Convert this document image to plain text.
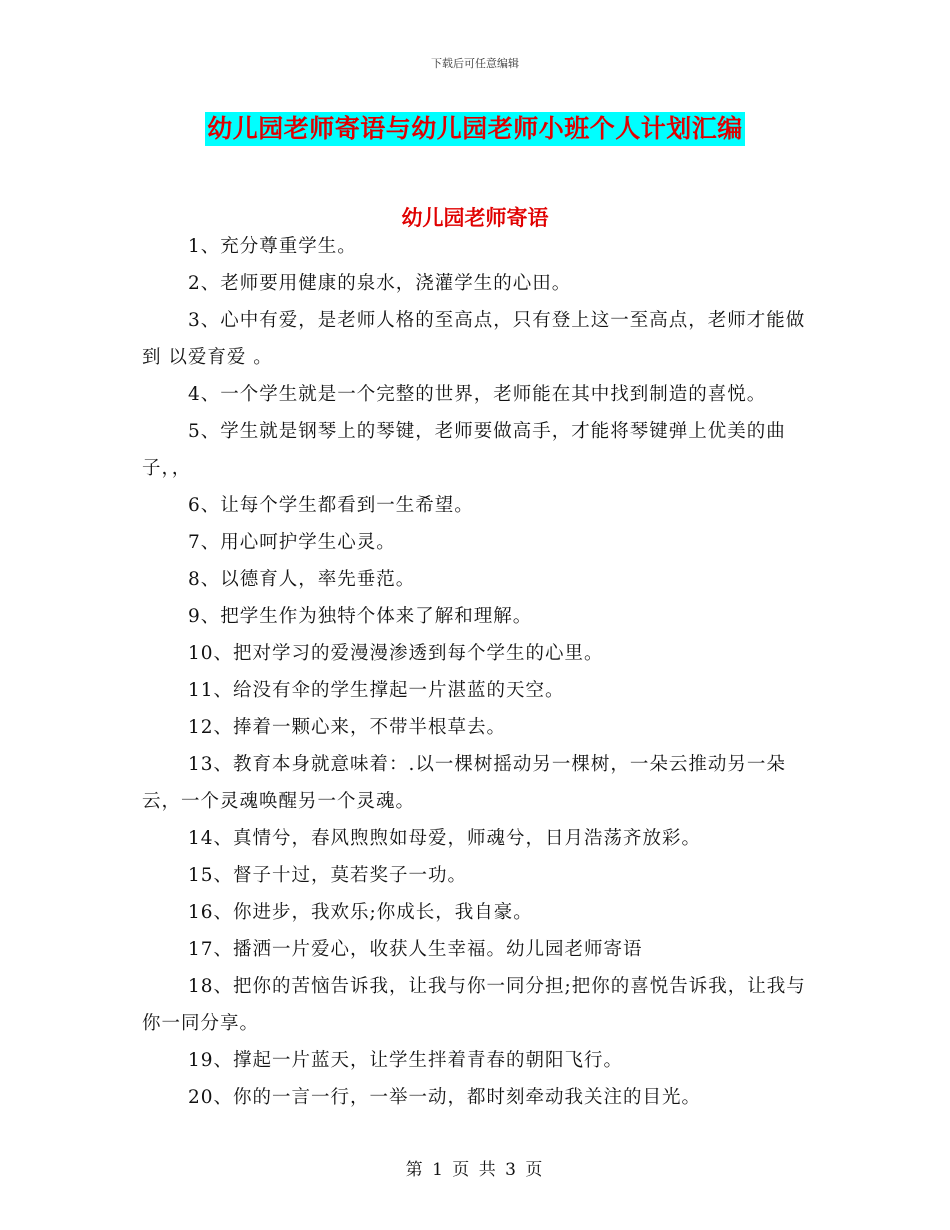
下载后可任意编辑
幼儿园老师寄语与幼儿园老师小班个人计划汇编
幼儿园老师寄语

1、充分尊重学生。

2、老师要用健康的泉水，浇灌学生的心田。

3、心中有爱，是老师人格的至高点，只有登上这一至高点，老师才能做到 以爱育爱 。

4、一个学生就是一个完整的世界，老师能在其中找到制造的喜悦。

5、学生就是钢琴上的琴键，老师要做高手，才能将琴键弹上优美的曲子，，

6、让每个学生都看到一生希望。

7、用心呵护学生心灵。

8、以德育人，率先垂范。

9、把学生作为独特个体来了解和理解。

10、把对学习的爱漫漫渗透到每个学生的心里。

11、给没有伞的学生撑起一片湛蓝的天空。

12、捧着一颗心来，不带半根草去。

13、教育本身就意味着：.以一棵树摇动另一棵树，一朵云推动另一朵云，一个灵魂唤醒另一个灵魂。

14、真情兮，春风煦煦如母爱，师魂兮，日月浩荡齐放彩。

15、督子十过，莫若奖子一功。

16、你进步，我欢乐;你成长，我自豪。

17、播洒一片爱心，收获人生幸福。幼儿园老师寄语

18、把你的苦恼告诉我，让我与你一同分担;把你的喜悦告诉我，让我与你一同分享。

19、撑起一片蓝天，让学生拌着青春的朝阳飞行。

20、你的一言一行，一举一动，都时刻牵动我关注的目光。

第 1 页 共 3 页
